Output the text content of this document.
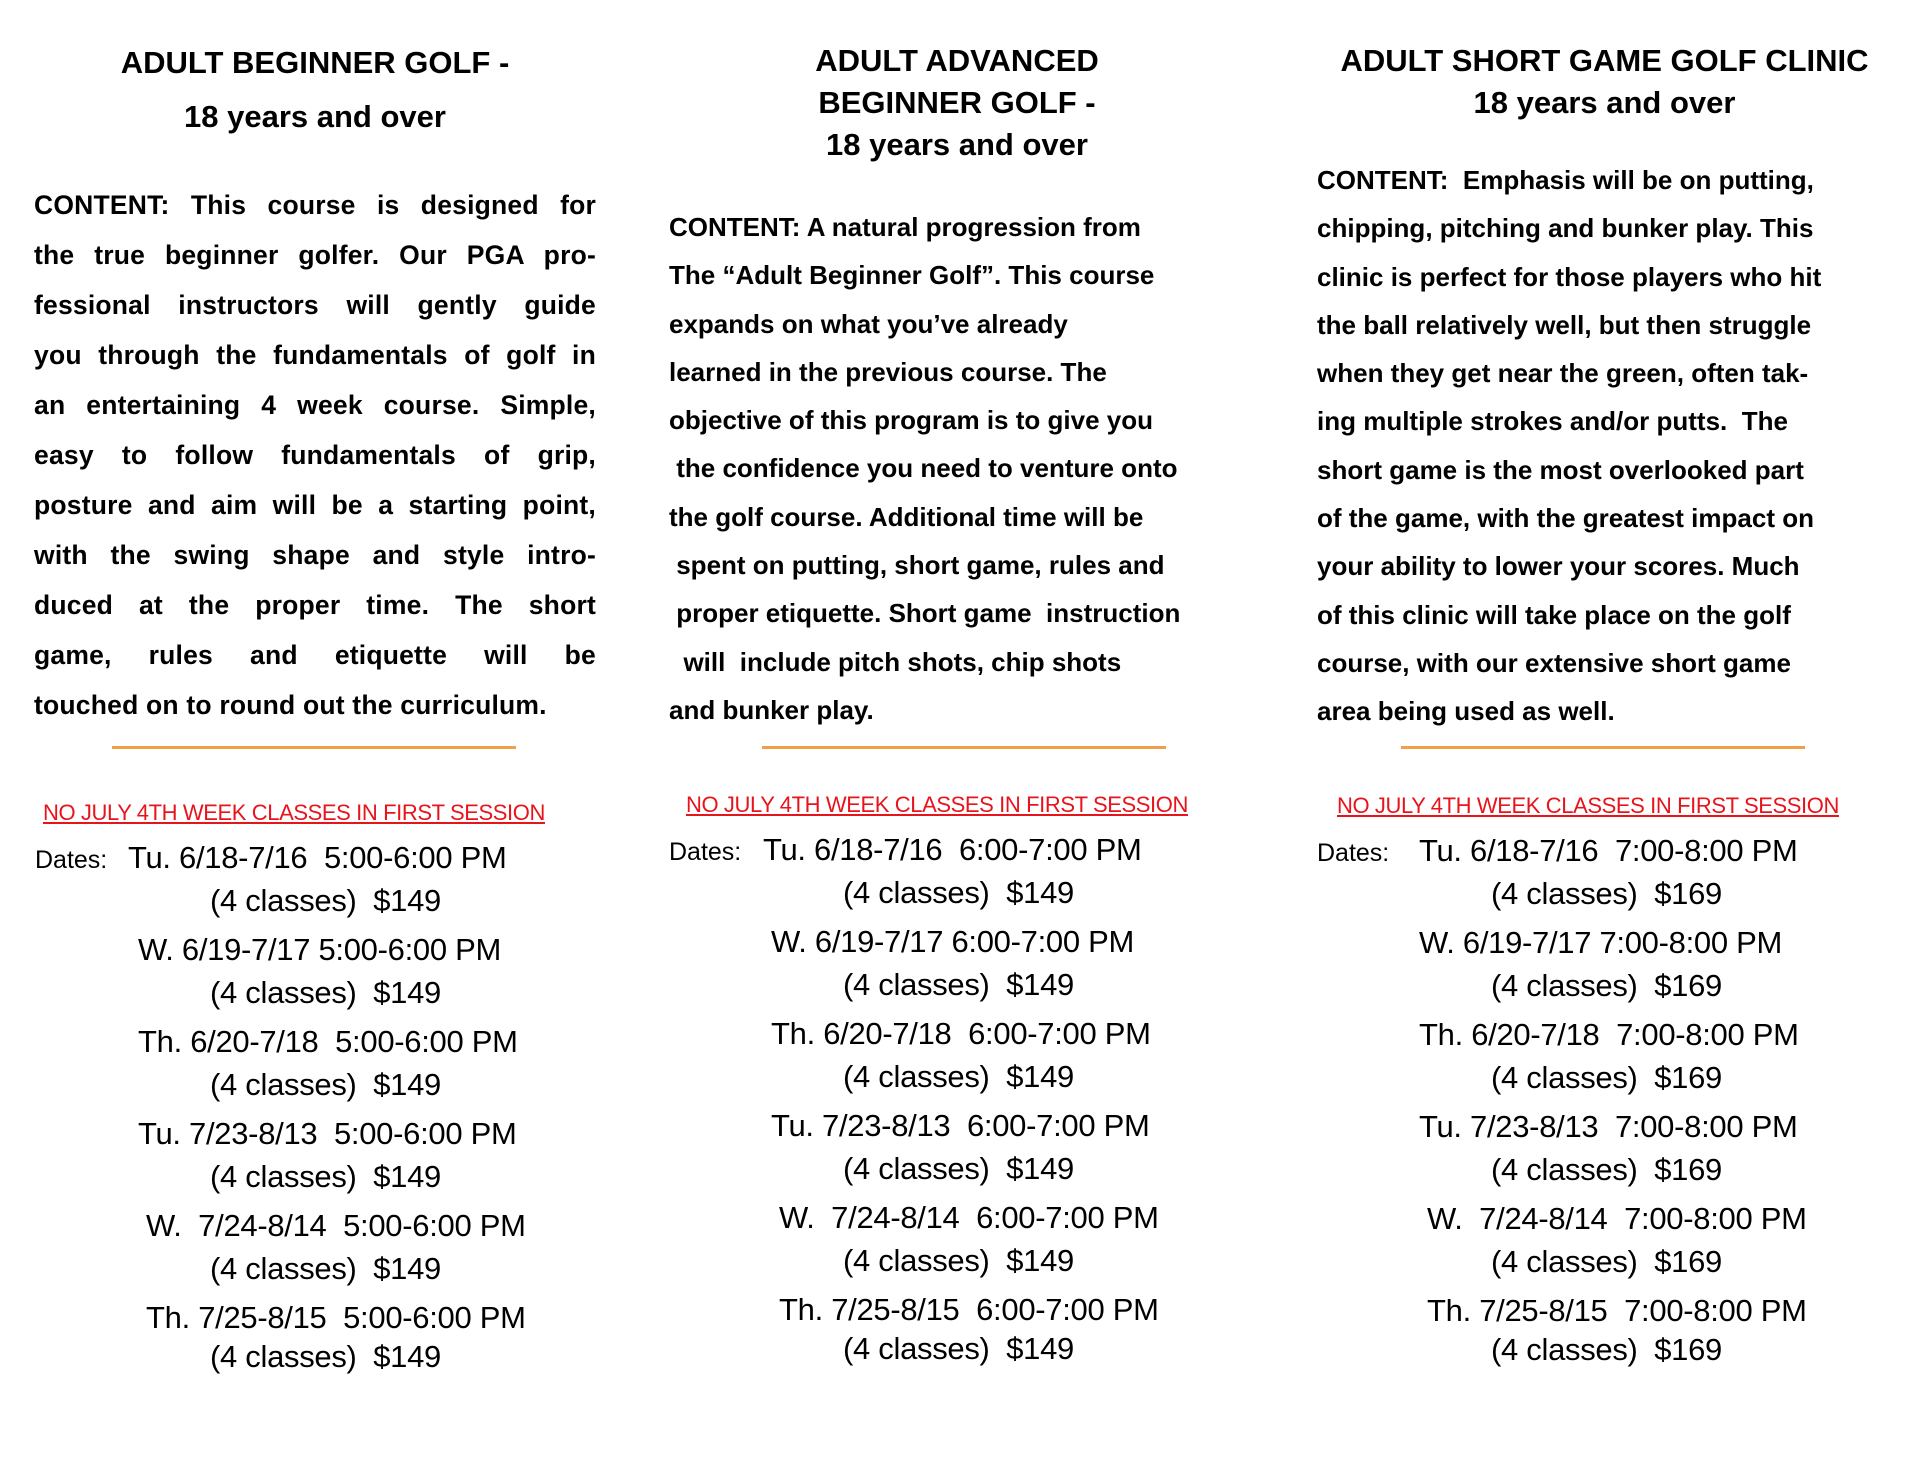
ADULT BEGINNER GOLF -
18 years and over
CONTENT: This course is designed for
the true beginner golfer. Our PGA pro-
fessional instructors will gently guide
you through the fundamentals of golf in
an entertaining 4 week course. Simple,
easy to follow fundamentals of grip,
posture and aim will be a starting point,
with the swing shape and style intro-
duced at the proper time. The short
game, rules and etiquette will be
touched on to round out the curriculum.
ADULT ADVANCED
BEGINNER GOLF -
18 years and over
CONTENT: A natural progression from
The “Adult Beginner Golf”. This course
expands on what you’ve already
learned in the previous course. The
objective of this program is to give you
the confidence you need to venture onto
the golf course. Additional time will be
spent on putting, short game, rules and
proper etiquette. Short game  instruction
will  include pitch shots, chip shots
and bunker play.
ADULT SHORT GAME GOLF CLINIC
18 years and over
CONTENT:  Emphasis will be on putting,
chipping, pitching and bunker play. This
clinic is perfect for those players who hit
the ball relatively well, but then struggle
when they get near the green, often tak-
ing multiple strokes and/or putts.  The
short game is the most overlooked part
of the game, with the greatest impact on
your ability to lower your scores. Much
of this clinic will take place on the golf
course, with our extensive short game
area being used as well.
NO JULY 4TH WEEK CLASSES IN FIRST SESSION	NO JULY 4TH WEEK CLASSES IN FIRST SESSION	NO JULY 4TH WEEK CLASSES IN FIRST SESSION
Dates: Tu. 6/18-7/16  5:00-6:00 PM
(4 classes)  $149
W. 6/19-7/17 5:00-6:00 PM
(4 classes)  $149
Th. 6/20-7/18  5:00-6:00 PM
(4 classes)  $149
Tu. 7/23-8/13  5:00-6:00 PM
(4 classes)  $149
W.  7/24-8/14  5:00-6:00 PM
(4 classes)  $149
Th. 7/25-8/15  5:00-6:00 PM
(4 classes)  $149
Dates: Tu. 6/18-7/16  6:00-7:00 PM
(4 classes)  $149
W. 6/19-7/17 6:00-7:00 PM
(4 classes)  $149
Th. 6/20-7/18  6:00-7:00 PM
(4 classes)  $149
Tu. 7/23-8/13  6:00-7:00 PM
(4 classes)  $149
W.  7/24-8/14  6:00-7:00 PM
(4 classes)  $149
Th. 7/25-8/15  6:00-7:00 PM
(4 classes)  $149
Dates: Tu. 6/18-7/16  7:00-8:00 PM
(4 classes)  $169
W. 6/19-7/17 7:00-8:00 PM
(4 classes)  $169
Th. 6/20-7/18  7:00-8:00 PM
(4 classes)  $169
Tu. 7/23-8/13  7:00-8:00 PM
(4 classes)  $169
W.  7/24-8/14  7:00-8:00 PM
(4 classes)  $169
Th. 7/25-8/15  7:00-8:00 PM
(4 classes)  $169
